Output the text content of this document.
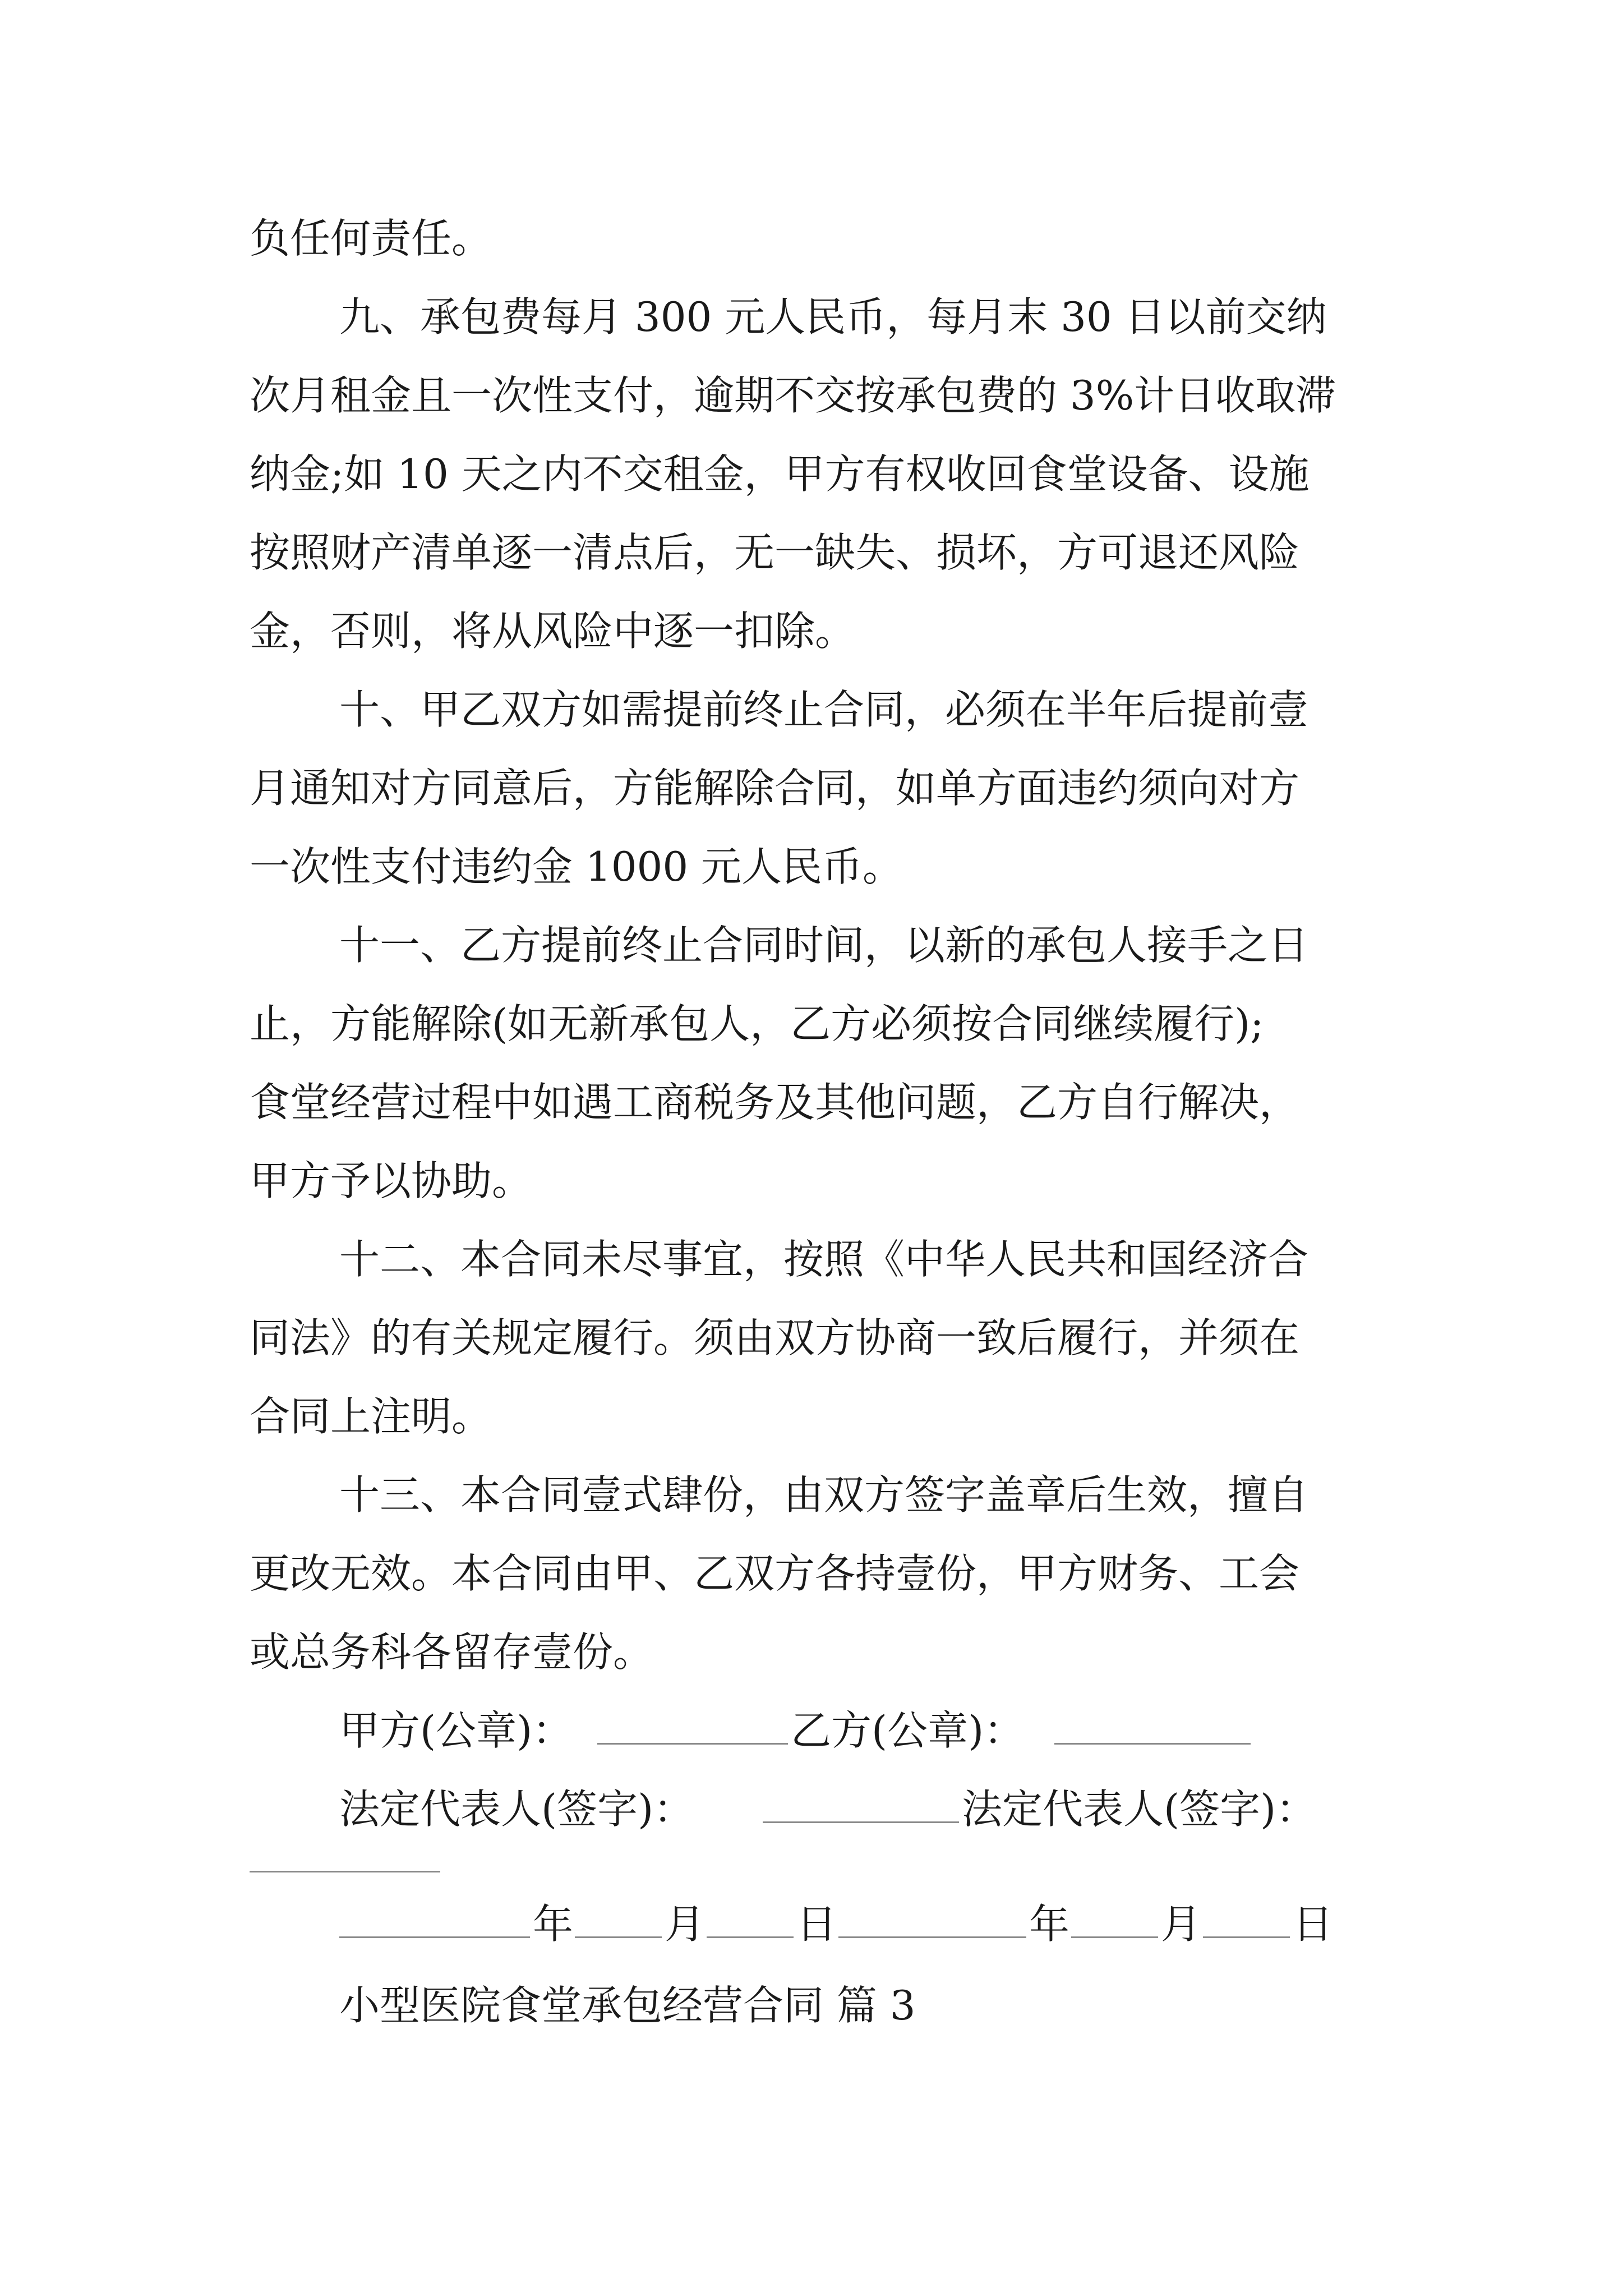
负任何责任。
九、承包费每月 300 元人民币，每月末 30 日以前交纳
次月租金且一次性支付，逾期不交按承包费的 3%计日收取滞
纳金;如 10 天之内不交租金，甲方有权收回食堂设备、设施
按照财产清单逐一清点后，无一缺失、损坏，方可退还风险
金，否则，将从风险中逐一扣除。
十、甲乙双方如需提前终止合同，必须在半年后提前壹
月通知对方同意后，方能解除合同，如单方面违约须向对方
一次性支付违约金 1000 元人民币。
十一、乙方提前终止合同时间，以新的承包人接手之日
止，方能解除(如无新承包人，乙方必须按合同继续履行);
食堂经营过程中如遇工商税务及其他问题，乙方自行解决，
甲方予以协助。
十二、本合同未尽事宜，按照《中华人民共和国经济合
同法》的有关规定履行。须由双方协商一致后履行，并须在
合同上注明。
十三、本合同壹式肆份，由双方签字盖章后生效，擅自
更改无效。本合同由甲、乙双方各持壹份，甲方财务、工会
或总务科各留存壹份。
甲方(公章)：	乙方(公章)：
法定代表人(签字)：	法定代表人(签字)：
年 月 日	年 月 日
小型医院食堂承包经营合同 篇 3
